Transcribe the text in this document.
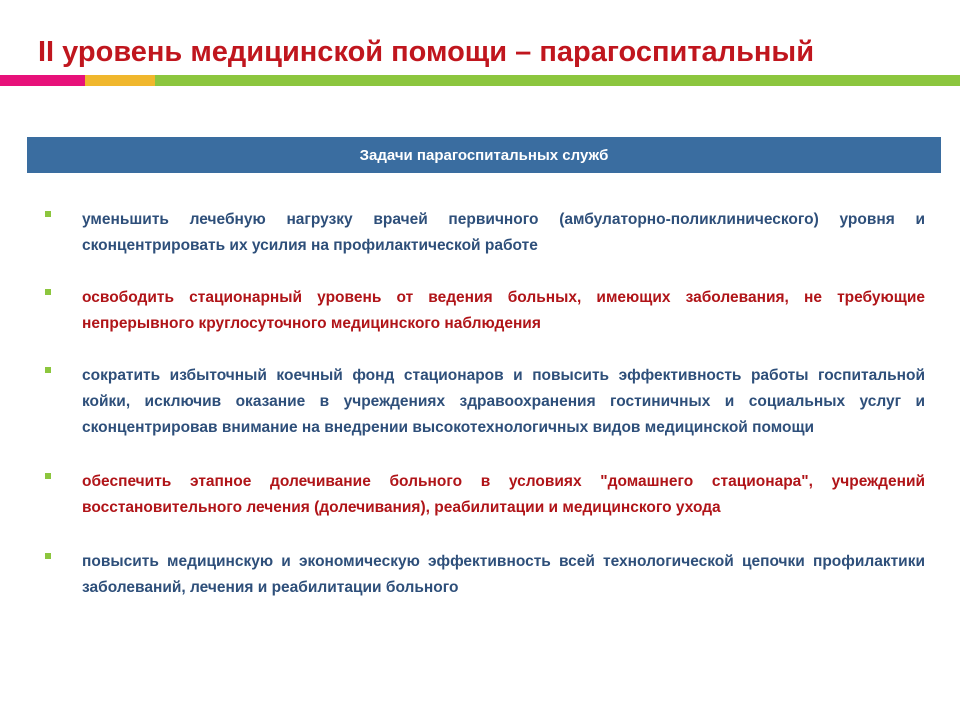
II уровень медицинской помощи – парагоспитальный
Задачи парагоспитальных служб
уменьшить лечебную нагрузку врачей первичного (амбулаторно-поликлинического) уровня и сконцентрировать их усилия на профилактической работе
освободить стационарный уровень от ведения больных, имеющих заболевания, не требующие непрерывного круглосуточного медицинского наблюдения
сократить избыточный коечный фонд стационаров и повысить эффективность работы госпитальной койки, исключив оказание в учреждениях здравоохранения гостиничных и социальных услуг и сконцентрировав внимание на внедрении высокотехнологичных видов медицинской помощи
обеспечить этапное долечивание больного в условиях "домашнего стационара", учреждений восстановительного лечения (долечивания), реабилитации и медицинского ухода
повысить медицинскую и экономическую эффективность всей технологической цепочки профилактики заболеваний, лечения и реабилитации больного
